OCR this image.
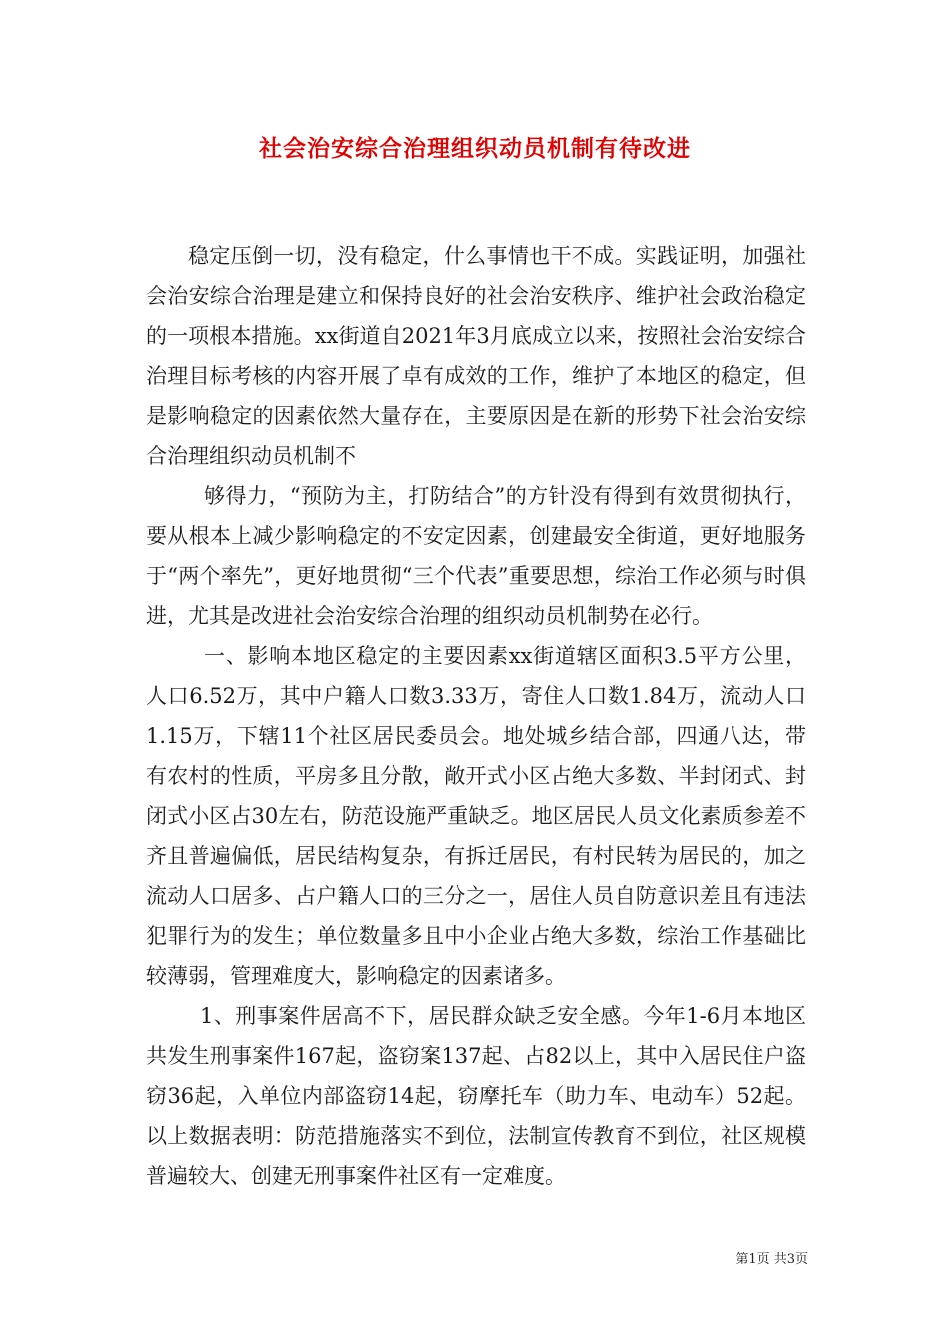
社会治安综合治理组织动员机制有待改进

稳定压倒一切，没有稳定，什么事情也干不成。实践证明，加强社会治安综合治理是建立和保持良好的社会治安秩序、维护社会政治稳定的一项根本措施。xx街道自2021年3月底成立以来，按照社会治安综合治理目标考核的内容开展了卓有成效的工作，维护了本地区的稳定，但是影响稳定的因素依然大量存在，主要原因是在新的形势下社会治安综合治理组织动员机制不

够得力，“预防为主，打防结合”的方针没有得到有效贯彻执行，要从根本上减少影响稳定的不安定因素，创建最安全街道，更好地服务于“两个率先”，更好地贯彻“三个代表”重要思想，综治工作必须与时俱进，尤其是改进社会治安综合治理的组织动员机制势在必行。

一、影响本地区稳定的主要因素xx街道辖区面积3.5平方公里，人口6.52万，其中户籍人口数3.33万，寄住人口数1.84万，流动人口1.15万，下辖11个社区居民委员会。地处城乡结合部，四通八达，带有农村的性质，平房多且分散，敞开式小区占绝大多数、半封闭式、封闭式小区占30左右，防范设施严重缺乏。地区居民人员文化素质参差不齐且普遍偏低，居民结构复杂，有拆迁居民，有村民转为居民的，加之流动人口居多、占户籍人口的三分之一，居住人员自防意识差且有违法犯罪行为的发生；单位数量多且中小企业占绝大多数，综治工作基础比较薄弱，管理难度大，影响稳定的因素诸多。

1、刑事案件居高不下，居民群众缺乏安全感。今年1-6月本地区共发生刑事案件167起，盗窃案137起、占82以上，其中入居民住户盗窃36起，入单位内部盗窃14起，窃摩托车（助力车、电动车）52起。以上数据表明：防范措施落实不到位，法制宣传教育不到位，社区规模普遍较大、创建无刑事案件社区有一定难度。

第1页 共3页
